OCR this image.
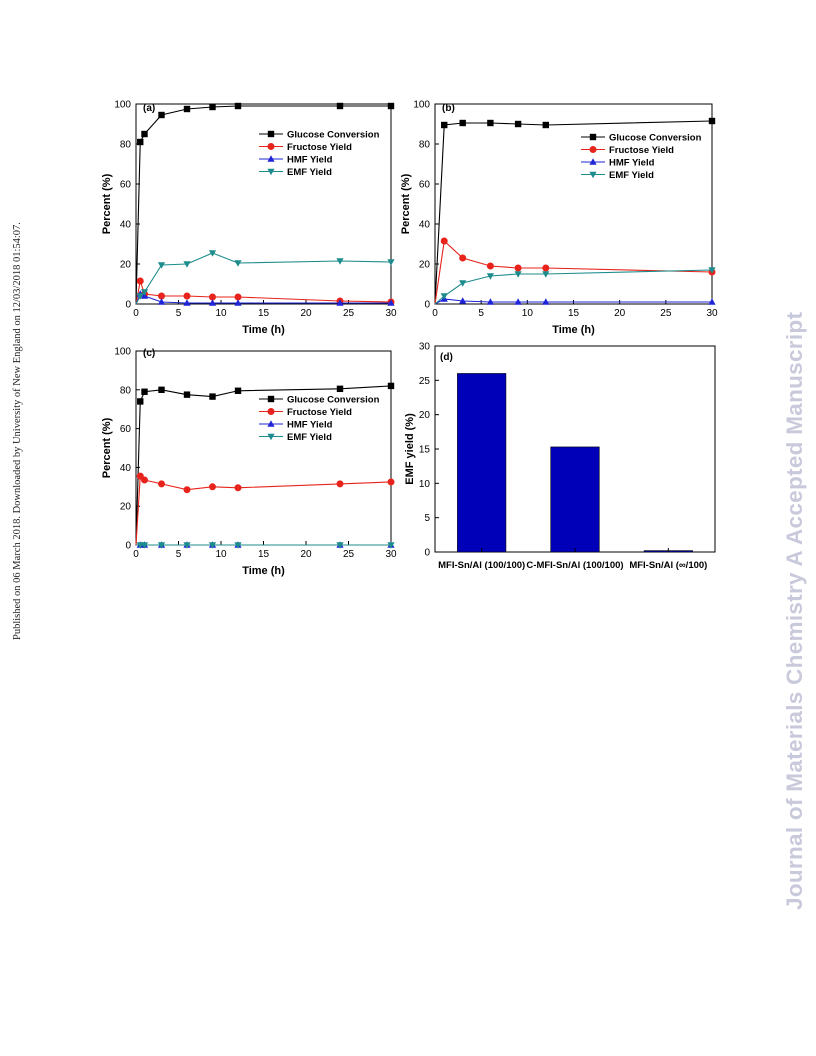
Published on 06 March 2018. Downloaded by University of New England on 12/03/2018 01:54:07.	Journal of Materials Chemistry A Accepted Manuscript
0	5	10	15	20	25	30
0
20
40
60
80
100
Time (h)
Percent (%)
(a)
Glucose Conversion
Fructose Yield
HMF Yield
EMF Yield
0	5	10	15	20	25	30
0
20
40
60
80
100
Time (h)
Percent (%)
(b)
Glucose Conversion
Fructose Yield
HMF Yield
EMF Yield
0	5	10	15	20	25	30
0
20
40
60
80
100
Time (h)
Percent (%)
(c)
Glucose Conversion
Fructose Yield
HMF Yield
EMF Yield
0
5
10
15
20
25
30
EMF yield (%)
(d)
MFI-Sn/Al (100/100) C-MFI-Sn/Al (100/100) MFI-Sn/Al (∞/100)
